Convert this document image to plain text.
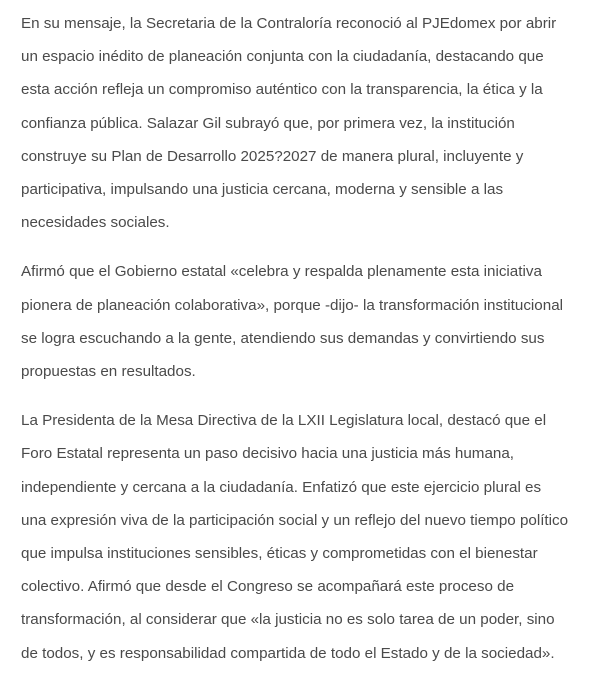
En su mensaje, la Secretaria de la Contraloría reconoció al PJEdomex por abrir
un espacio inédito de planeación conjunta con la ciudadanía, destacando que
esta acción refleja un compromiso auténtico con la transparencia, la ética y la
confianza pública. Salazar Gil subrayó que, por primera vez, la institución
construye su Plan de Desarrollo 2025?2027 de manera plural, incluyente y
participativa, impulsando una justicia cercana, moderna y sensible a las
necesidades sociales.

Afirmó que el Gobierno estatal «celebra y respalda plenamente esta iniciativa
pionera de planeación colaborativa», porque -dijo- la transformación institucional
se logra escuchando a la gente, atendiendo sus demandas y convirtiendo sus
propuestas en resultados.

La Presidenta de la Mesa Directiva de la LXII Legislatura local, destacó que el
Foro Estatal representa un paso decisivo hacia una justicia más humana,
independiente y cercana a la ciudadanía. Enfatizó que este ejercicio plural es
una expresión viva de la participación social y un reflejo del nuevo tiempo político
que impulsa instituciones sensibles, éticas y comprometidas con el bienestar
colectivo. Afirmó que desde el Congreso se acompañará este proceso de
transformación, al considerar que «la justicia no es solo tarea de un poder, sino
de todos, y es responsabilidad compartida de todo el Estado y de la sociedad».
